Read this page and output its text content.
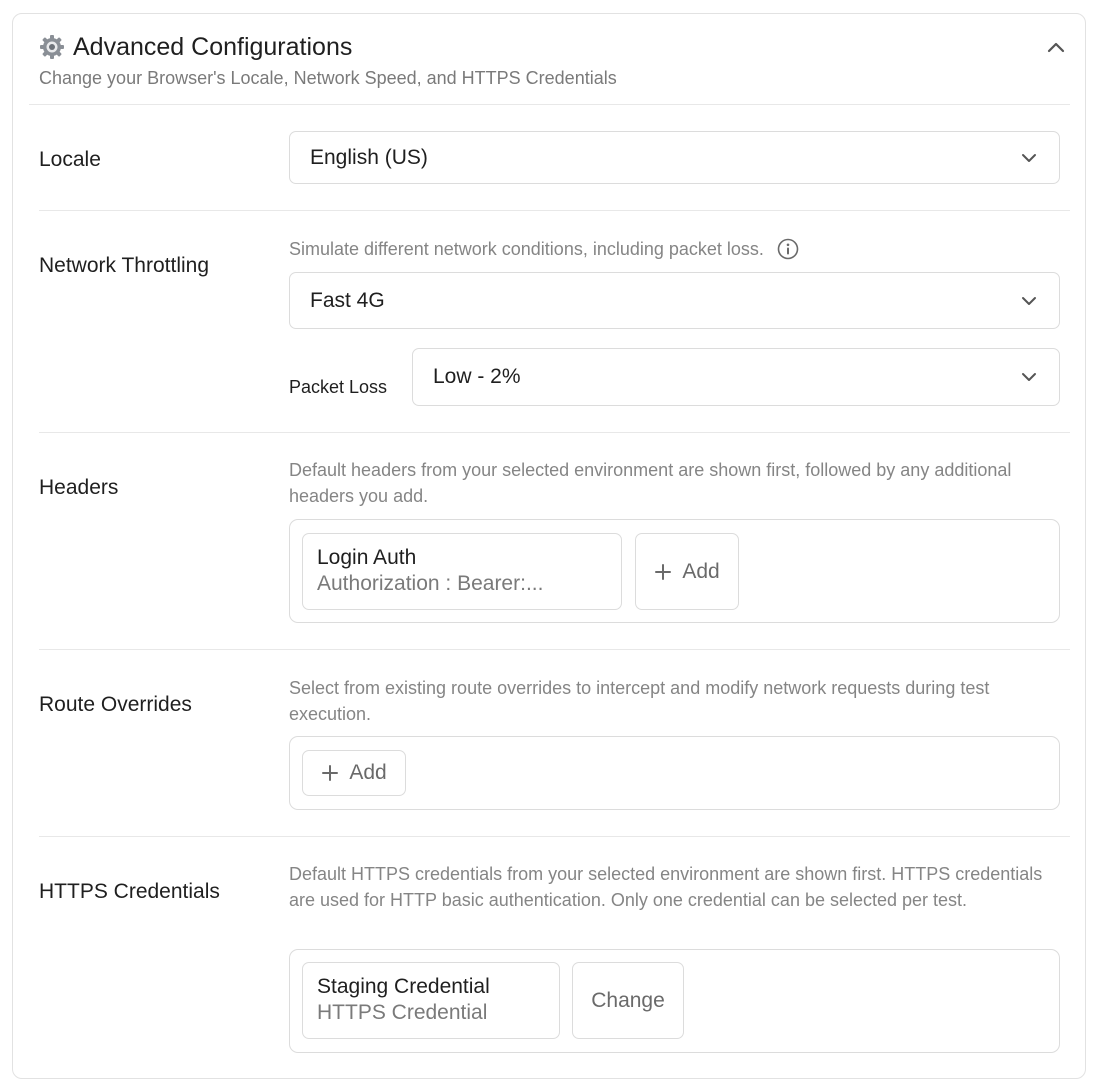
Advanced Configurations
Change your Browser's Locale, Network Speed, and HTTPS Credentials
Locale	English (US)
Network Throttling
Simulate different network conditions, including packet loss.
Fast 4G
Packet Loss Low - 2%
Headers
Default headers from your selected environment are shown first, followed by any additional headers you add.
Login Auth
Authorization : Bearer:...
Add
Route Overrides
Select from existing route overrides to intercept and modify network requests during test execution.
Add
HTTPS Credentials
Default HTTPS credentials from your selected environment are shown first. HTTPS credentials are used for HTTP basic authentication. Only one credential can be selected per test.
Staging Credential
HTTPS Credential
Change
